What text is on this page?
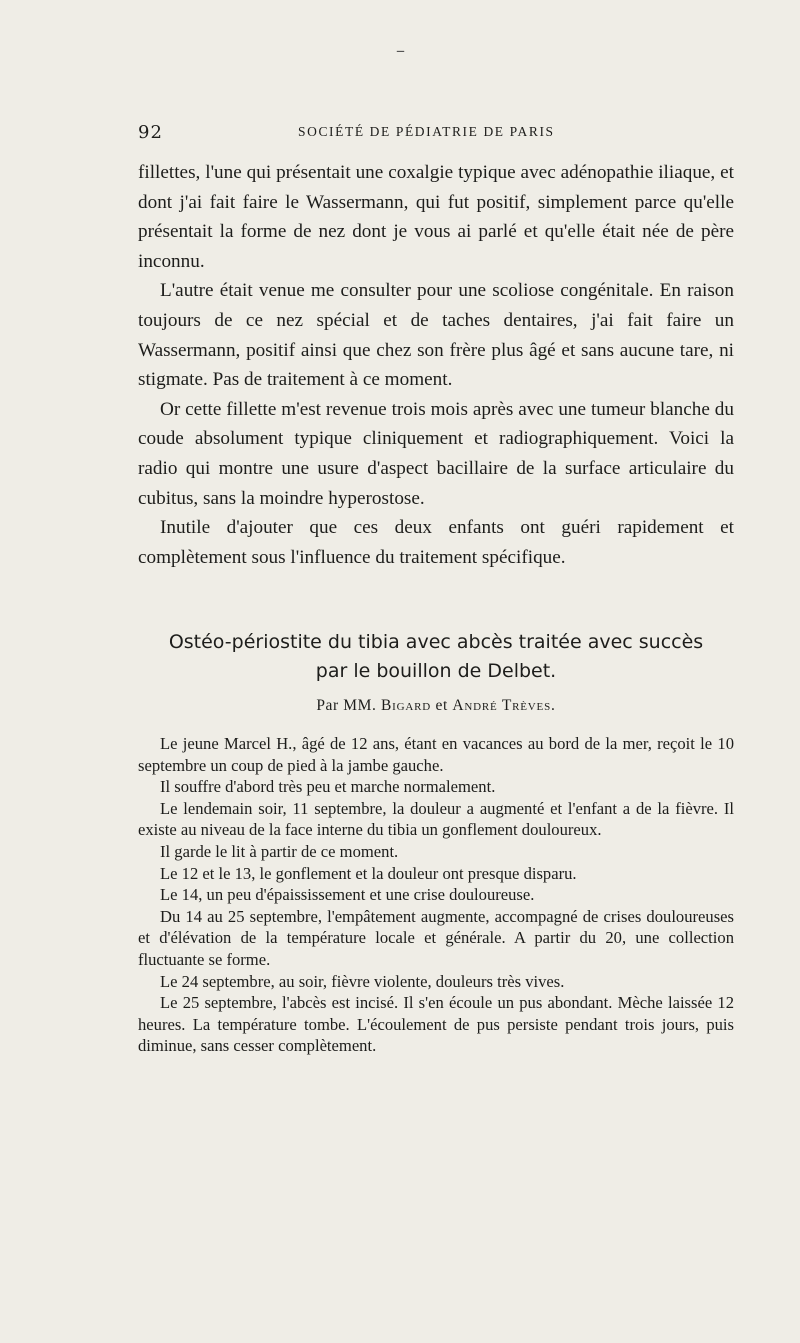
–
92	SOCIÉTÉ DE PÉDIATRIE DE PARIS

fillettes, l'une qui présentait une coxalgie typique avec adénopathie iliaque, et dont j'ai fait faire le Wassermann, qui fut positif, simplement parce qu'elle présentait la forme de nez dont je vous ai parlé et qu'elle était née de père inconnu.

L'autre était venue me consulter pour une scoliose congénitale. En raison toujours de ce nez spécial et de taches dentaires, j'ai fait faire un Wassermann, positif ainsi que chez son frère plus âgé et sans aucune tare, ni stigmate. Pas de traitement à ce moment.

Or cette fillette m'est revenue trois mois après avec une tumeur blanche du coude absolument typique cliniquement et radiographiquement. Voici la radio qui montre une usure d'aspect bacillaire de la surface articulaire du cubitus, sans la moindre hyperostose.

Inutile d'ajouter que ces deux enfants ont guéri rapidement et complètement sous l'influence du traitement spécifique.

Ostéo-périostite du tibia avec abcès traitée avec succès

par le bouillon de Delbet.

Par MM. Bigard et André Trèves.

Le jeune Marcel H., âgé de 12 ans, étant en vacances au bord de la mer, reçoit le 10 septembre un coup de pied à la jambe gauche.

Il souffre d'abord très peu et marche normalement.

Le lendemain soir, 11 septembre, la douleur a augmenté et l'enfant a de la fièvre. Il existe au niveau de la face interne du tibia un gonflement douloureux.

Il garde le lit à partir de ce moment.

Le 12 et le 13, le gonflement et la douleur ont presque disparu.

Le 14, un peu d'épaississement et une crise douloureuse.

Du 14 au 25 septembre, l'empâtement augmente, accompagné de crises douloureuses et d'élévation de la température locale et générale. A partir du 20, une collection fluctuante se forme.

Le 24 septembre, au soir, fièvre violente, douleurs très vives.

Le 25 septembre, l'abcès est incisé. Il s'en écoule un pus abondant. Mèche laissée 12 heures. La température tombe. L'écoulement de pus persiste pendant trois jours, puis diminue, sans cesser complètement.
